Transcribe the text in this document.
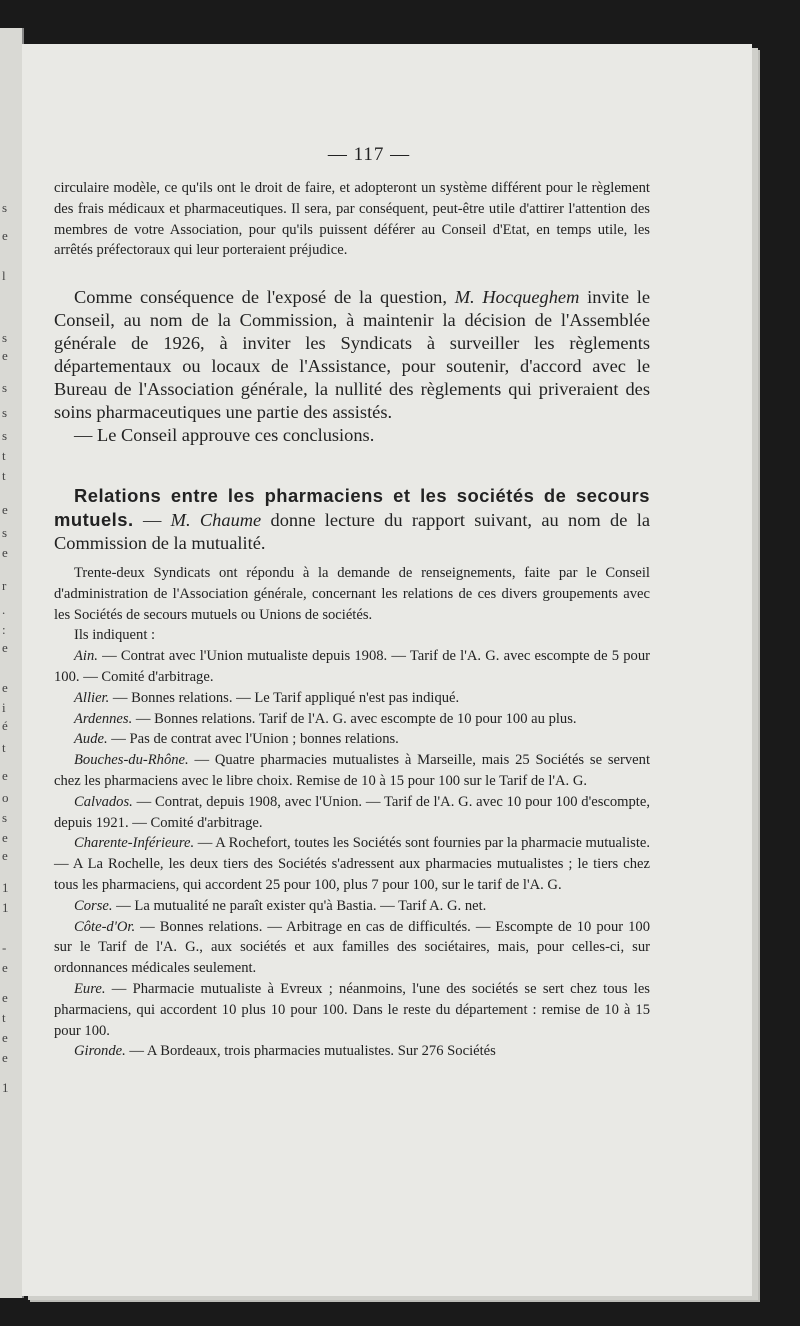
s
e
l
s
e
s
s
s
t
t
e
s
e
r
.
:
e
e
i
é
t
e
o
s
e
e
1
1
-
e
e
t
e
e
1
— 117 —

circulaire modèle, ce qu'ils ont le droit de faire, et adopteront un système différent pour le règlement des frais médicaux et pharmaceutiques. Il sera, par conséquent, peut-être utile d'attirer l'attention des membres de votre Association, pour qu'ils puissent déférer au Conseil d'Etat, en temps utile, les arrêtés préfectoraux qui leur porteraient préjudice.

Comme conséquence de l'exposé de la question, M. Hocqueghem invite le Conseil, au nom de la Commission, à maintenir la décision de l'Assemblée générale de 1926, à inviter les Syndicats à surveiller les règlements départementaux ou locaux de l'Assistance, pour soutenir, d'accord avec le Bureau de l'Association générale, la nullité des règlements qui priveraient des soins pharmaceutiques une partie des assistés.

— Le Conseil approuve ces conclusions.

Relations entre les pharmaciens et les sociétés de secours mutuels. — M. Chaume donne lecture du rapport suivant, au nom de la Commission de la mutualité.

Trente-deux Syndicats ont répondu à la demande de renseignements, faite par le Conseil d'administration de l'Association générale, concernant les relations de ces divers groupements avec les Sociétés de secours mutuels ou Unions de sociétés.

Ils indiquent :

Ain. — Contrat avec l'Union mutualiste depuis 1908. — Tarif de l'A. G. avec escompte de 5 pour 100. — Comité d'arbitrage.

Allier. — Bonnes relations. — Le Tarif appliqué n'est pas indiqué.

Ardennes. — Bonnes relations. Tarif de l'A. G. avec escompte de 10 pour 100 au plus.

Aude. — Pas de contrat avec l'Union ; bonnes relations.

Bouches-du-Rhône. — Quatre pharmacies mutualistes à Marseille, mais 25 Sociétés se servent chez les pharmaciens avec le libre choix. Remise de 10 à 15 pour 100 sur le Tarif de l'A. G.

Calvados. — Contrat, depuis 1908, avec l'Union. — Tarif de l'A. G. avec 10 pour 100 d'escompte, depuis 1921. — Comité d'arbitrage.

Charente-Inférieure. — A Rochefort, toutes les Sociétés sont fournies par la pharmacie mutualiste. — A La Rochelle, les deux tiers des Sociétés s'adressent aux pharmacies mutualistes ; le tiers chez tous les pharmaciens, qui accordent 25 pour 100, plus 7 pour 100, sur le tarif de l'A. G.

Corse. — La mutualité ne paraît exister qu'à Bastia. — Tarif A. G. net.

Côte-d'Or. — Bonnes relations. — Arbitrage en cas de difficultés. — Escompte de 10 pour 100 sur le Tarif de l'A. G., aux sociétés et aux familles des sociétaires, mais, pour celles-ci, sur ordonnances médicales seulement.

Eure. — Pharmacie mutualiste à Evreux ; néanmoins, l'une des sociétés se sert chez tous les pharmaciens, qui accordent 10 plus 10 pour 100. Dans le reste du département : remise de 10 à 15 pour 100.

Gironde. — A Bordeaux, trois pharmacies mutualistes. Sur 276 Sociétés
